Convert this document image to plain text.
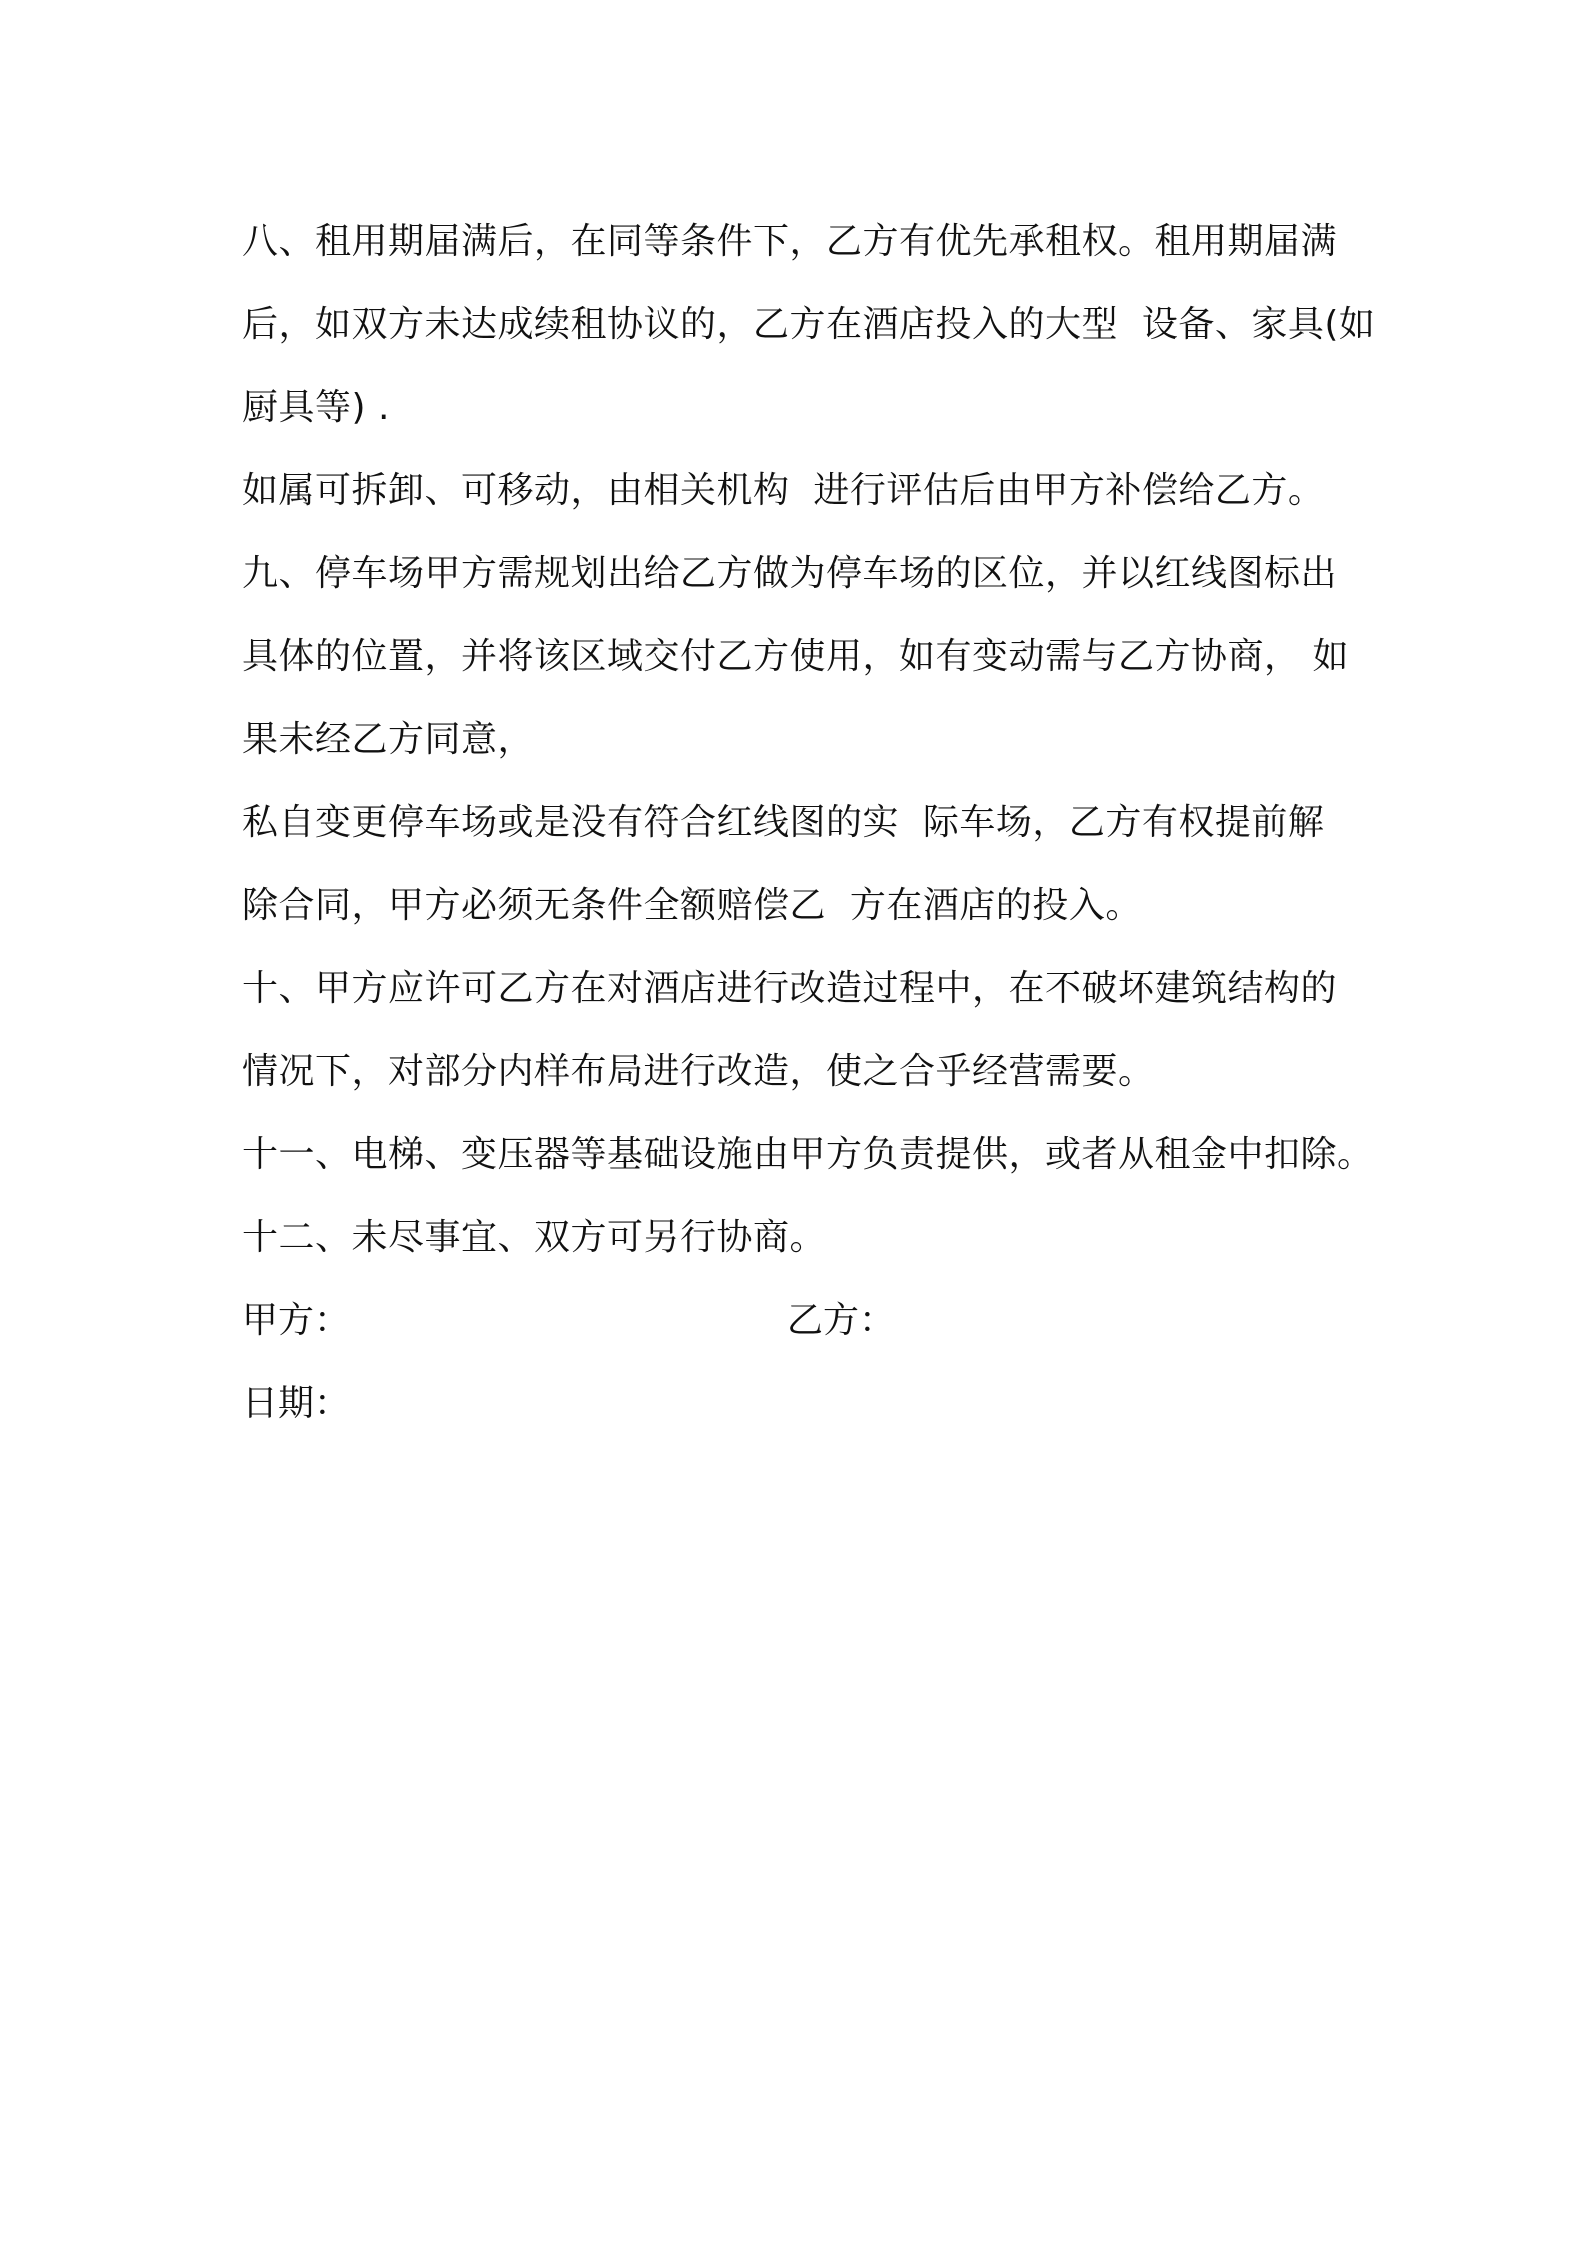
八、租用期届满后，在同等条件下，乙方有优先承租权。租用期届满
后，如双方未达成续租协议的，乙方在酒店投入的大型  设备、家具(如
厨具等) .
如属可拆卸、可移动，由相关机构  进行评估后由甲方补偿给乙方。
九、停车场甲方需规划出给乙方做为停车场的区位，并以红线图标出
具体的位置，并将该区域交付乙方使用，如有变动需与乙方协商， 如
果未经乙方同意，
私自变更停车场或是没有符合红线图的实  际车场，乙方有权提前解
除合同，甲方必须无条件全额赔偿乙  方在酒店的投入。
十、甲方应许可乙方在对酒店进行改造过程中，在不破坏建筑结构的
情况下，对部分内样布局进行改造，使之合乎经营需要。
十一、电梯、变压器等基础设施由甲方负责提供，或者从租金中扣除。
十二、未尽事宜、双方可另行协商。
甲方：	乙方：
日期：
